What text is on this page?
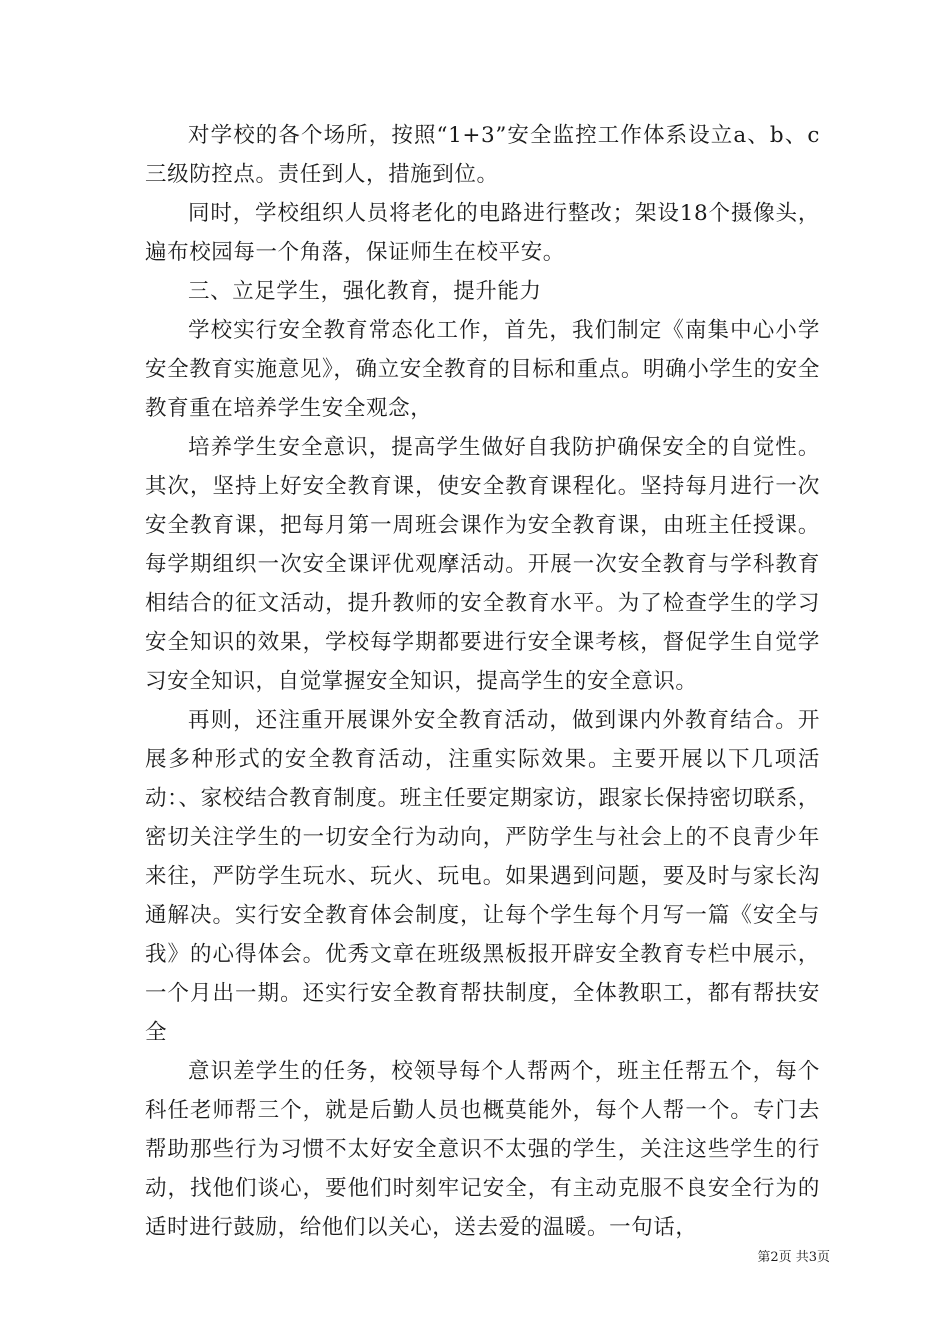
对学校的各个场所，按照“1+3”安全监控工作体系设立a、b、c三级防控点。责任到人，措施到位。

同时，学校组织人员将老化的电路进行整改；架设18个摄像头，遍布校园每一个角落，保证师生在校平安。

三、立足学生，强化教育，提升能力

学校实行安全教育常态化工作，首先，我们制定《南集中心小学安全教育实施意见》，确立安全教育的目标和重点。明确小学生的安全教育重在培养学生安全观念，

培养学生安全意识，提高学生做好自我防护确保安全的自觉性。其次，坚持上好安全教育课，使安全教育课程化。坚持每月进行一次安全教育课，把每月第一周班会课作为安全教育课，由班主任授课。每学期组织一次安全课评优观摩活动。开展一次安全教育与学科教育相结合的征文活动，提升教师的安全教育水平。为了检查学生的学习安全知识的效果，学校每学期都要进行安全课考核，督促学生自觉学习安全知识，自觉掌握安全知识，提高学生的安全意识。

再则，还注重开展课外安全教育活动，做到课内外教育结合。开展多种形式的安全教育活动，注重实际效果。主要开展以下几项活动：、家校结合教育制度。班主任要定期家访，跟家长保持密切联系，密切关注学生的一切安全行为动向，严防学生与社会上的不良青少年来往，严防学生玩水、玩火、玩电。如果遇到问题，要及时与家长沟通解决。实行安全教育体会制度，让每个学生每个月写一篇《安全与我》的心得体会。优秀文章在班级黑板报开辟安全教育专栏中展示，一个月出一期。还实行安全教育帮扶制度，全体教职工，都有帮扶安全

意识差学生的任务，校领导每个人帮两个，班主任帮五个，每个科任老师帮三个，就是后勤人员也概莫能外，每个人帮一个。专门去帮助那些行为习惯不太好安全意识不太强的学生，关注这些学生的行动，找他们谈心，要他们时刻牢记安全，有主动克服不良安全行为的适时进行鼓励，给他们以关心，送去爱的温暖。一句话，

第2页 共3页
